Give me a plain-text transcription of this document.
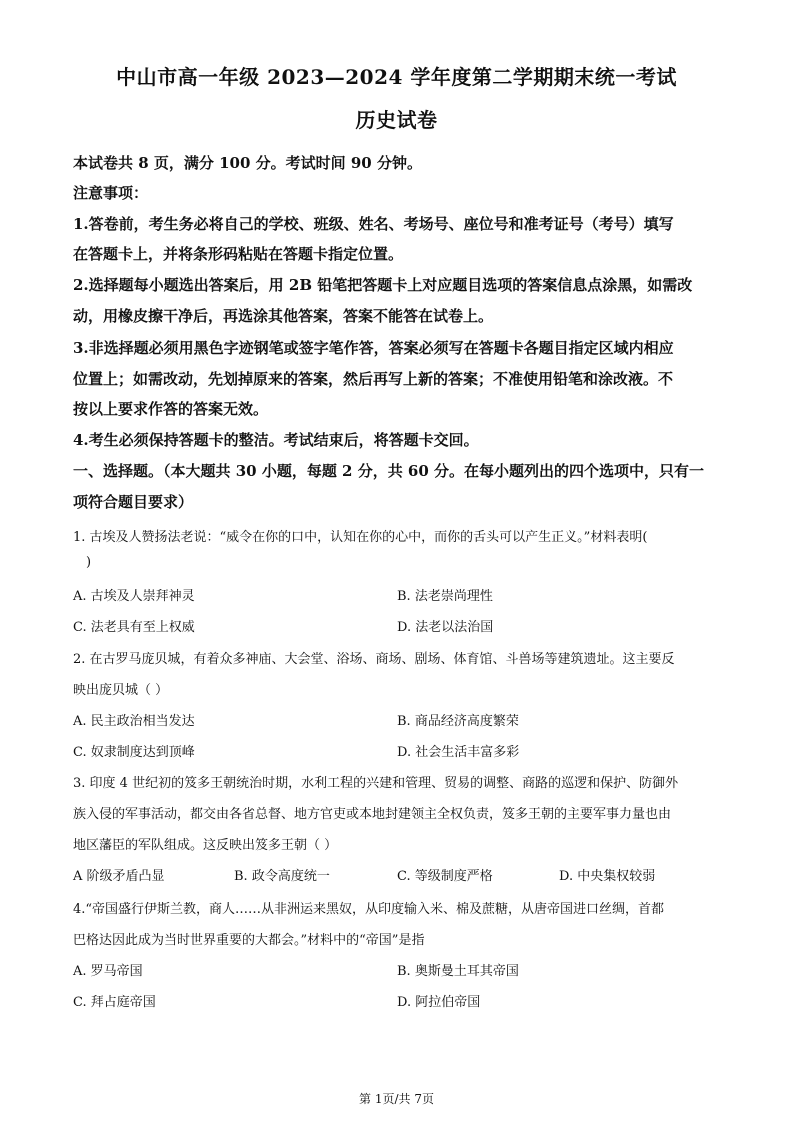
中山市高一年级 2023—2024 学年度第二学期期末统一考试
历史试卷
本试卷共 8 页，满分 100 分。考试时间 90 分钟。
注意事项：
1.答卷前，考生务必将自己的学校、班级、姓名、考场号、座位号和准考证号（考号）填写
在答题卡上，并将条形码粘贴在答题卡指定位置。
2.选择题每小题选出答案后，用 2B 铅笔把答题卡上对应题目选项的答案信息点涂黑，如需改
动，用橡皮擦干净后，再选涂其他答案，答案不能答在试卷上。
3.非选择题必须用黑色字迹钢笔或签字笔作答，答案必须写在答题卡各题目指定区域内相应
位置上；如需改动，先划掉原来的答案，然后再写上新的答案；不准使用铅笔和涂改液。不
按以上要求作答的答案无效。
4.考生必须保持答题卡的整洁。考试结束后，将答题卡交回。
一、选择题。（本大题共 30 小题，每题 2 分，共 60 分。在每小题列出的四个选项中，只有一
项符合题目要求）
1. 古埃及人赞扬法老说：“威令在你的口中，认知在你的心中，而你的舌头可以产生正义。”材料表明(
)
A. 古埃及人崇拜神灵	B. 法老崇尚理性
C. 法老具有至上权威	D. 法老以法治国
2. 在古罗马庞贝城，有着众多神庙、大会堂、浴场、商场、剧场、体育馆、斗兽场等建筑遗址。这主要反
映出庞贝城（ ）
A. 民主政治相当发达	B. 商品经济高度繁荣
C. 奴隶制度达到顶峰	D. 社会生活丰富多彩
3. 印度 4 世纪初的笈多王朝统治时期，水利工程的兴建和管理、贸易的调整、商路的巡逻和保护、防御外
族入侵的军事活动，都交由各省总督、地方官吏或本地封建领主全权负责，笈多王朝的主要军事力量也由
地区藩臣的军队组成。这反映出笈多王朝（ ）
A 阶级矛盾凸显	B. 政令高度统一	C. 等级制度严格	D. 中央集权较弱
4.“帝国盛行伊斯兰教，商人……从非洲运来黑奴，从印度输入米、棉及蔗糖，从唐帝国进口丝绸，首都
巴格达因此成为当时世界重要的大都会。”材料中的“帝国”是指
A. 罗马帝国	B. 奥斯曼土耳其帝国
C. 拜占庭帝国	D. 阿拉伯帝国
第 1页/共 7页
